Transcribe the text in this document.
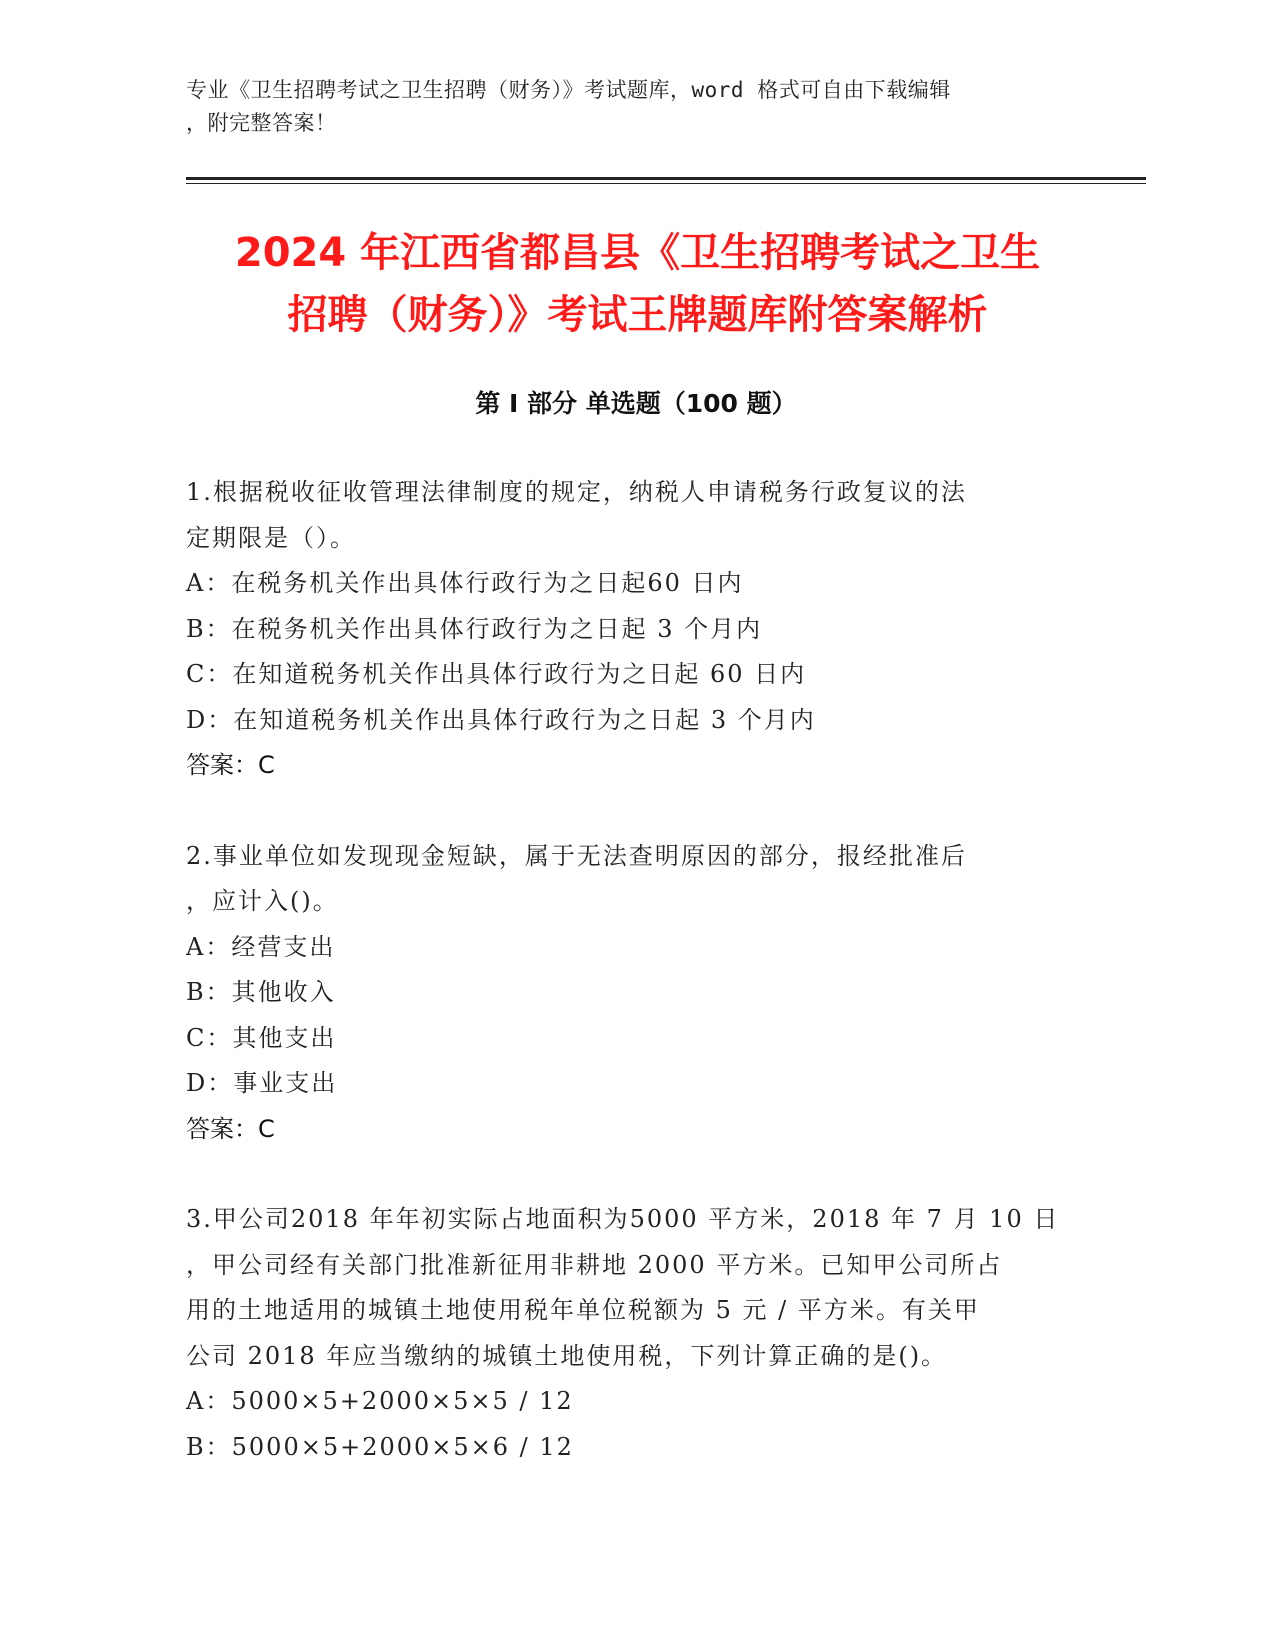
专业《卫生招聘考试之卫生招聘（财务）》考试题库，word 格式可自由下载编辑
，附完整答案！
2024 年江西省都昌县《卫生招聘考试之卫生
招聘（财务）》考试王牌题库附答案解析
第 I 部分 单选题（100 题）
1.根据税收征收管理法律制度的规定，纳税人申请税务行政复议的法
定期限是（）。
A：在税务机关作出具体行政行为之日起60 日内
B：在税务机关作出具体行政行为之日起 3 个月内
C：在知道税务机关作出具体行政行为之日起 60 日内
D：在知道税务机关作出具体行政行为之日起 3 个月内
答案：C
2.事业单位如发现现金短缺，属于无法查明原因的部分，报经批准后
，应计入()。
A：经营支出
B：其他收入
C：其他支出
D：事业支出
答案：C
3.甲公司2018 年年初实际占地面积为5000 平方米，2018 年 7 月 10 日
，甲公司经有关部门批准新征用非耕地 2000 平方米。已知甲公司所占
用的土地适用的城镇土地使用税年单位税额为 5 元 / 平方米。有关甲
公司 2018 年应当缴纳的城镇土地使用税，下列计算正确的是()。
A：5000×5+2000×5×5 / 12
B：5000×5+2000×5×6 / 12
